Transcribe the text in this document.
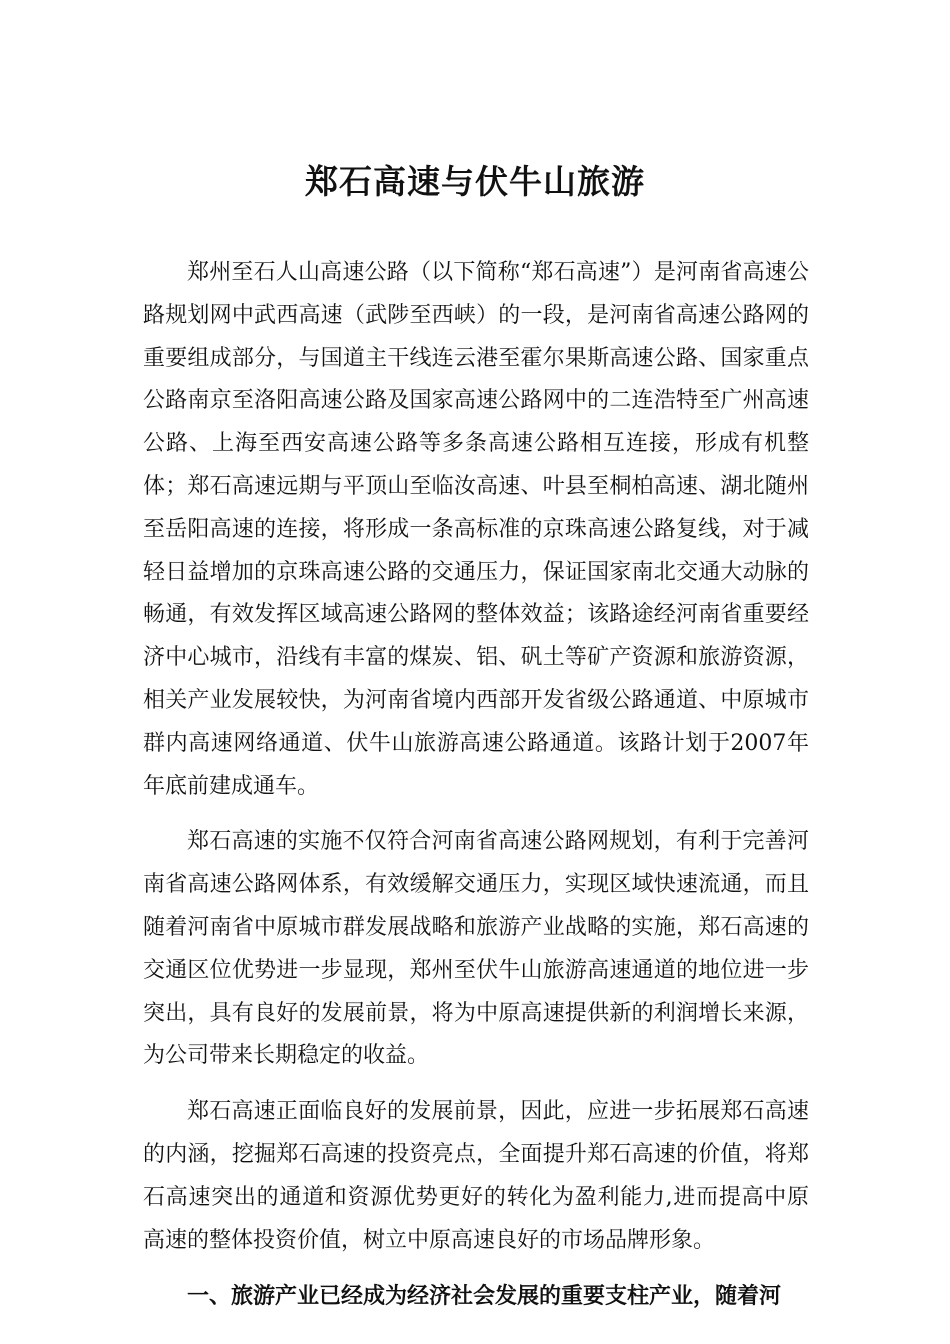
郑石高速与伏牛山旅游

郑州至石人山高速公路（以下简称“郑石高速”）是河南省高速公路规划网中武西高速（武陟至西峡）的一段，是河南省高速公路网的重要组成部分，与国道主干线连云港至霍尔果斯高速公路、国家重点公路南京至洛阳高速公路及国家高速公路网中的二连浩特至广州高速公路、上海至西安高速公路等多条高速公路相互连接，形成有机整体；郑石高速远期与平顶山至临汝高速、叶县至桐柏高速、湖北随州至岳阳高速的连接，将形成一条高标准的京珠高速公路复线，对于减轻日益增加的京珠高速公路的交通压力，保证国家南北交通大动脉的畅通，有效发挥区域高速公路网的整体效益；该路途经河南省重要经济中心城市，沿线有丰富的煤炭、铝、矾土等矿产资源和旅游资源，相关产业发展较快，为河南省境内西部开发省级公路通道、中原城市群内高速网络通道、伏牛山旅游高速公路通道。该路计划于2007年年底前建成通车。

郑石高速的实施不仅符合河南省高速公路网规划，有利于完善河南省高速公路网体系，有效缓解交通压力，实现区域快速流通，而且随着河南省中原城市群发展战略和旅游产业战略的实施，郑石高速的交通区位优势进一步显现，郑州至伏牛山旅游高速通道的地位进一步突出，具有良好的发展前景，将为中原高速提供新的利润增长来源，为公司带来长期稳定的收益。

郑石高速正面临良好的发展前景，因此，应进一步拓展郑石高速的内涵，挖掘郑石高速的投资亮点，全面提升郑石高速的价值，将郑石高速突出的通道和资源优势更好的转化为盈利能力,进而提高中原高速的整体投资价值，树立中原高速良好的市场品牌形象。

一、旅游产业已经成为经济社会发展的重要支柱产业，随着河
